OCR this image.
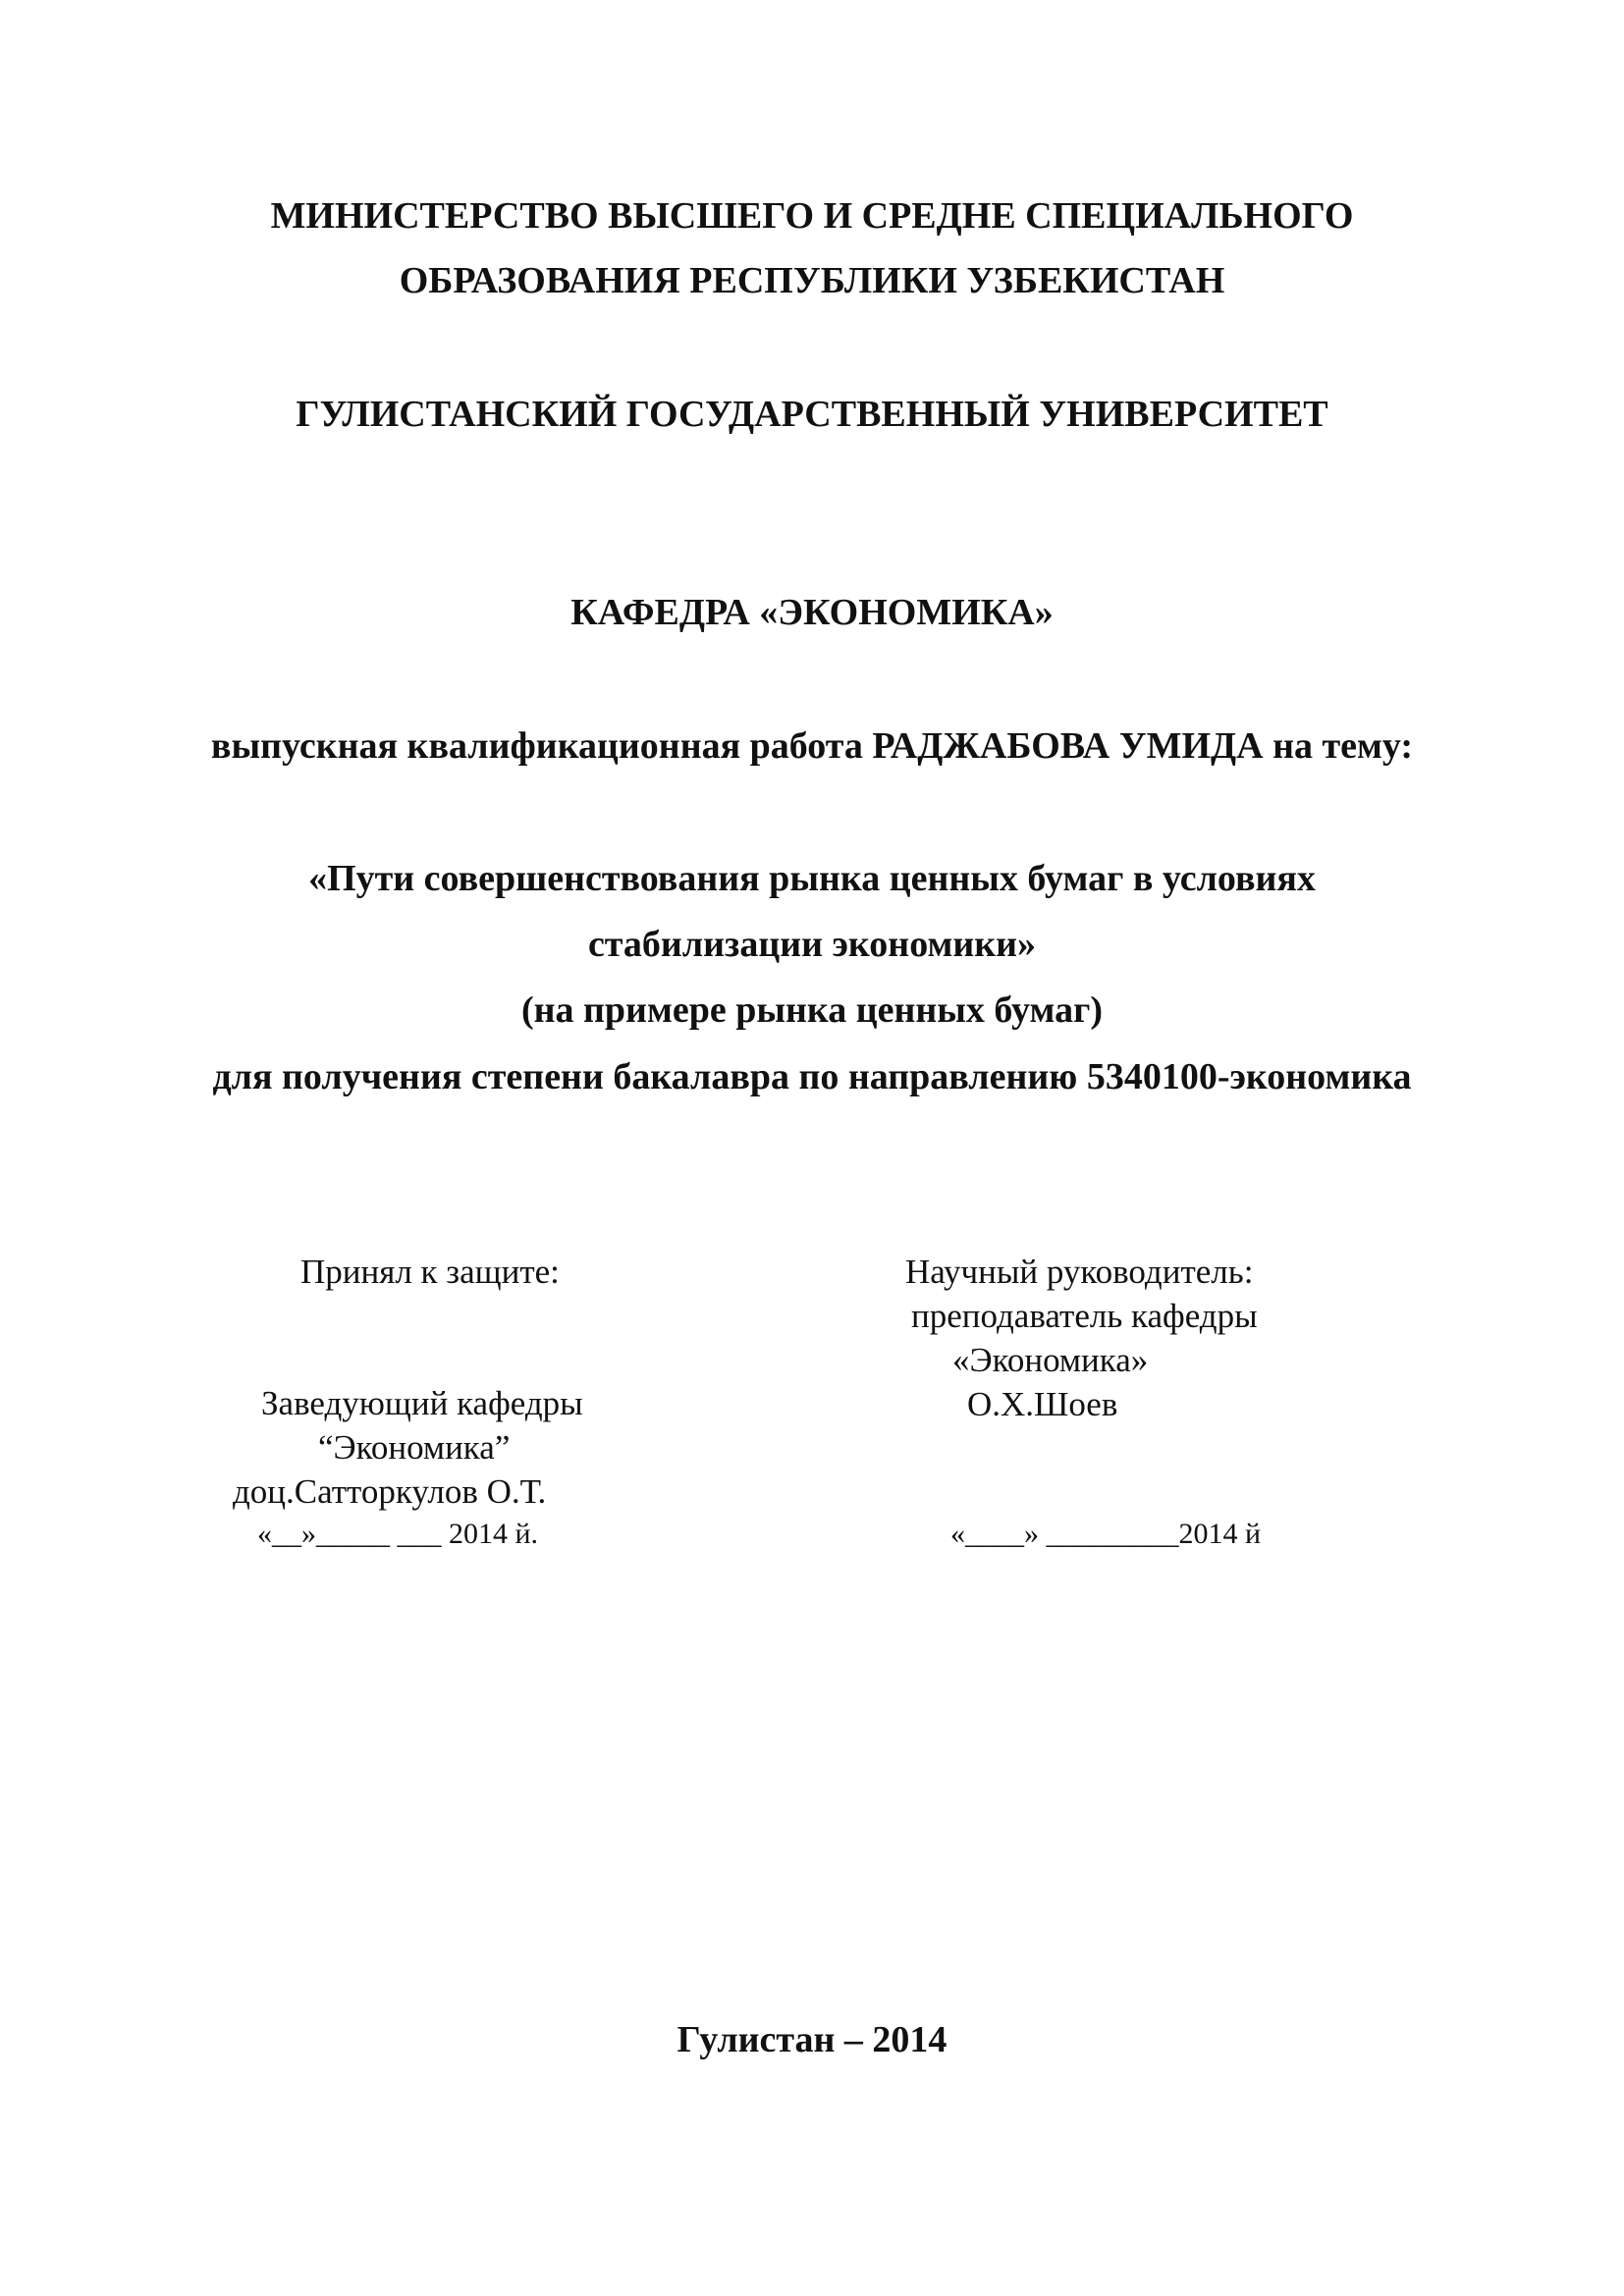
МИНИСТЕРСТВО ВЫСШЕГО И СРЕДНЕ СПЕЦИАЛЬНОГО
ОБРАЗОВАНИЯ РЕСПУБЛИКИ УЗБЕКИСТАН
ГУЛИСТАНСКИЙ ГОСУДАРСТВЕННЫЙ УНИВЕРСИТЕТ
КАФЕДРА «ЭКОНОМИКА»
выпускная квалификационная работа РАДЖАБОВА УМИДА на тему:
«Пути совершенствования рынка ценных бумаг в условиях
стабилизации экономики»
(на примере рынка ценных бумаг)
для получения степени бакалавра по направлению 5340100-экономика
Принял к защите:
Заведующий кафедры
“Экономика”
доц.Сатторкулов О.Т.
«__»_____ ___ 2014 й.
Научный руководитель:
преподаватель кафедры
«Экономика»
О.Х.Шоев
«____» _________2014 й
Гулистан – 2014
